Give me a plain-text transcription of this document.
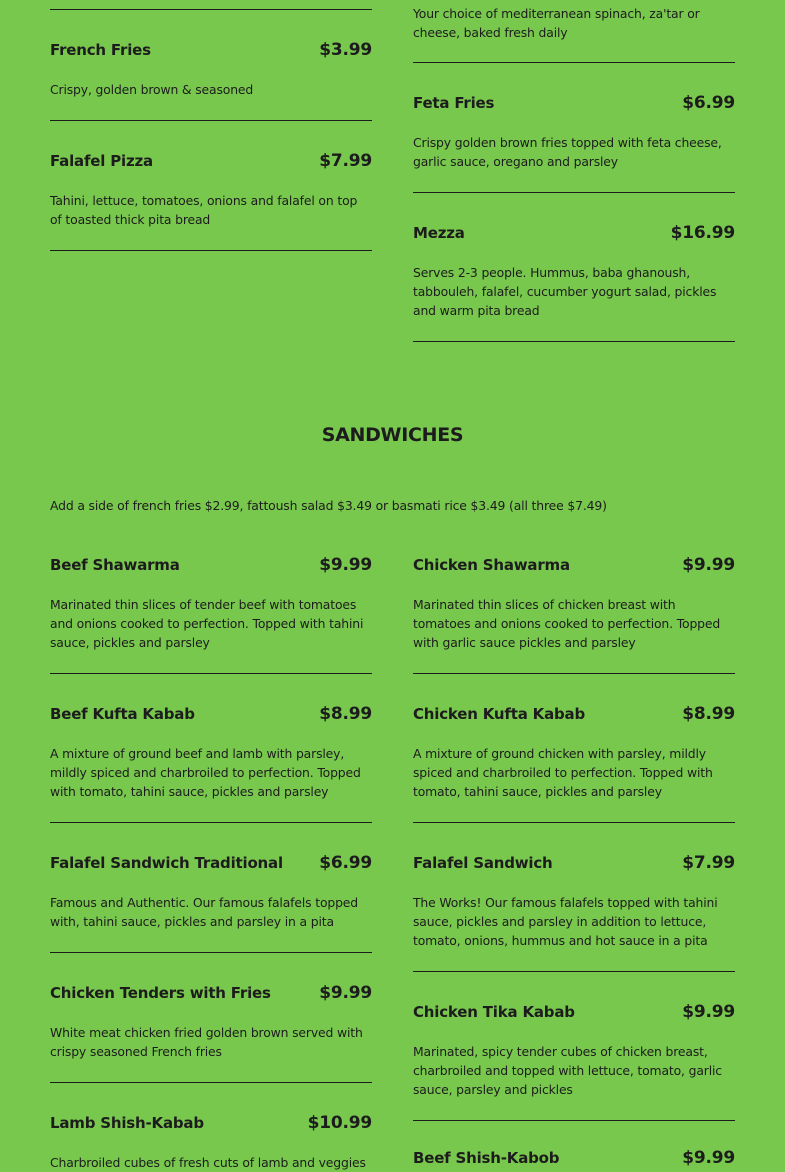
French Fries	$3.99
Crispy, golden brown & seasoned
Falafel Pizza	$7.99
Tahini, lettuce, tomatoes, onions and falafel on top of toasted thick pita bread
Your choice of mediterranean spinach, za'tar or cheese, baked fresh daily
Feta Fries	$6.99
Crispy golden brown fries topped with feta cheese, garlic sauce, oregano and parsley
Mezza	$16.99
Serves 2-3 people. Hummus, baba ghanoush, tabbouleh, falafel, cucumber yogurt salad, pickles and warm pita bread
SANDWICHES
Add a side of french fries $2.99, fattoush salad $3.49 or basmati rice $3.49 (all three $7.49)
Beef Shawarma	$9.99
Marinated thin slices of tender beef with tomatoes and onions cooked to perfection. Topped with tahini sauce, pickles and parsley
Beef Kufta Kabab	$8.99
A mixture of ground beef and lamb with parsley, mildly spiced and charbroiled to perfection. Topped with tomato, tahini sauce, pickles and parsley
Falafel Sandwich Traditional $6.99
Famous and Authentic. Our famous falafels topped with, tahini sauce, pickles and parsley in a pita
Chicken Tenders with Fries	$9.99
White meat chicken fried golden brown served with crispy seasoned French fries
Lamb Shish-Kabab	$10.99
Charbroiled cubes of fresh cuts of lamb and veggies
Chicken Shawarma	$9.99
Marinated thin slices of chicken breast with tomatoes and onions cooked to perfection. Topped with garlic sauce pickles and parsley
Chicken Kufta Kabab	$8.99
A mixture of ground chicken with parsley, mildly spiced and charbroiled to perfection. Topped with tomato, tahini sauce, pickles and parsley
Falafel Sandwich	$7.99
The Works! Our famous falafels topped with tahini sauce, pickles and parsley in addition to lettuce, tomato, onions, hummus and hot sauce in a pita
Chicken Tika Kabab	$9.99
Marinated, spicy tender cubes of chicken breast, charbroiled and topped with lettuce, tomato, garlic sauce, parsley and pickles
Beef Shish-Kabob	$9.99
